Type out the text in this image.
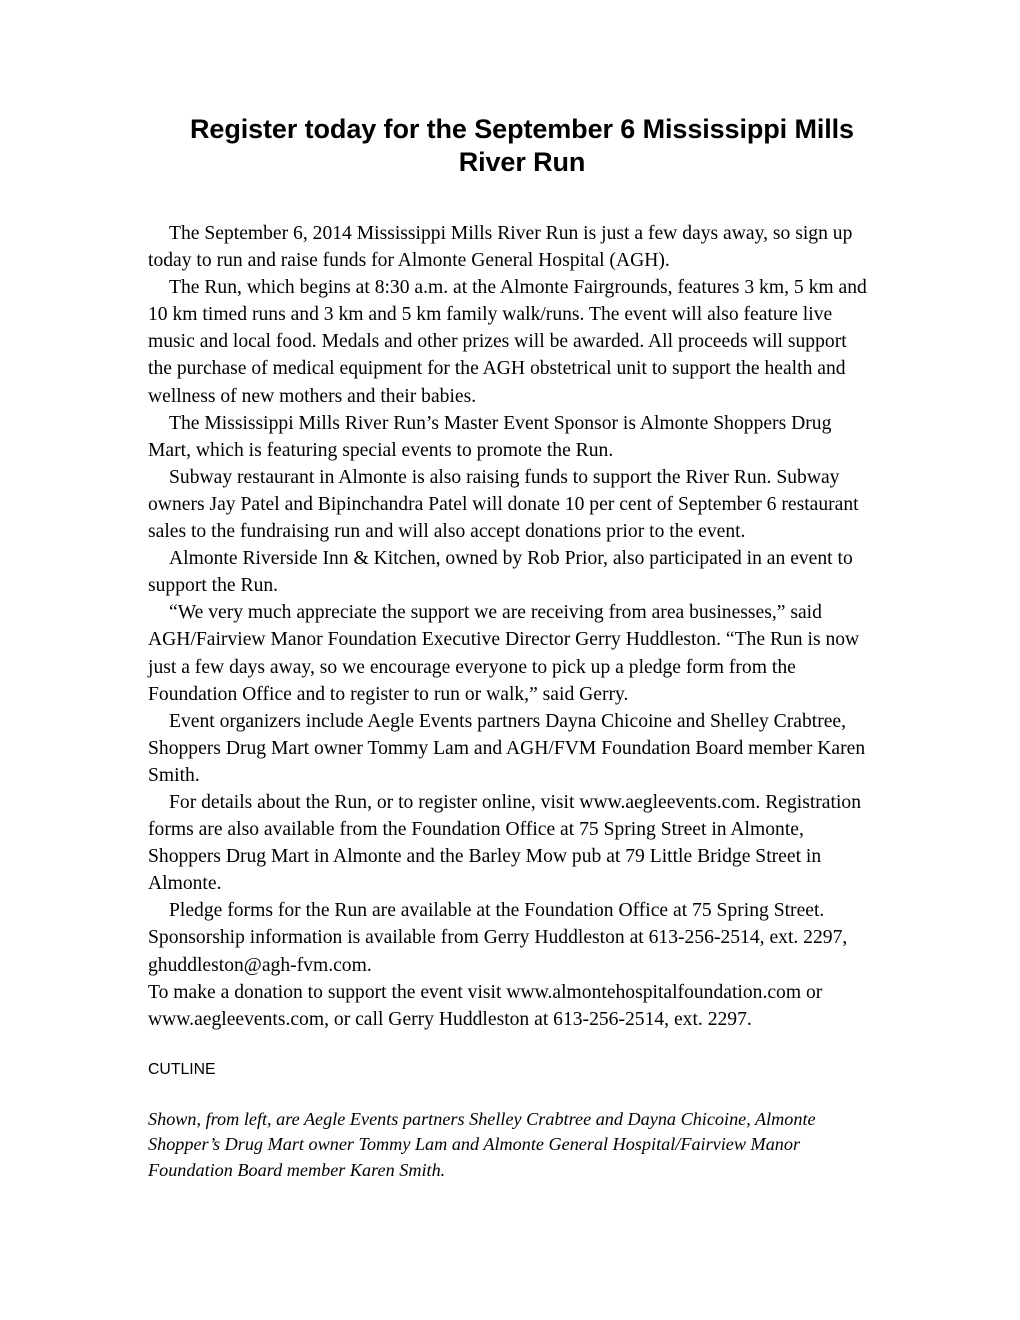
Register today for the September 6 Mississippi Mills River Run

The September 6, 2014 Mississippi Mills River Run is just a few days away, so sign up today to run and raise funds for Almonte General Hospital (AGH).

The Run, which begins at 8:30 a.m. at the Almonte Fairgrounds, features 3 km, 5 km and 10 km timed runs and 3 km and 5 km family walk/runs. The event will also feature live music and local food. Medals and other prizes will be awarded. All proceeds will support the purchase of medical equipment for the AGH obstetrical unit to support the health and wellness of new mothers and their babies.

The Mississippi Mills River Run’s Master Event Sponsor is Almonte Shoppers Drug Mart, which is featuring special events to promote the Run.

Subway restaurant in Almonte is also raising funds to support the River Run. Subway owners Jay Patel and Bipinchandra Patel will donate 10 per cent of September 6 restaurant sales to the fundraising run and will also accept donations prior to the event.

Almonte Riverside Inn & Kitchen, owned by Rob Prior, also participated in an event to support the Run.

“We very much appreciate the support we are receiving from area businesses,” said AGH/Fairview Manor Foundation Executive Director Gerry Huddleston. “The Run is now just a few days away, so we encourage everyone to pick up a pledge form from the Foundation Office and to register to run or walk,” said Gerry.

Event organizers include Aegle Events partners Dayna Chicoine and Shelley Crabtree, Shoppers Drug Mart owner Tommy Lam and AGH/FVM Foundation Board member Karen Smith.

For details about the Run, or to register online, visit www.aegleevents.com. Registration forms are also available from the Foundation Office at 75 Spring Street in Almonte, Shoppers Drug Mart in Almonte and the Barley Mow pub at 79 Little Bridge Street in Almonte.

Pledge forms for the Run are available at the Foundation Office at 75 Spring Street. Sponsorship information is available from Gerry Huddleston at 613-256-2514, ext. 2297, ghuddleston@agh-fvm.com.

To make a donation to support the event visit www.almontehospitalfoundation.com or www.aegleevents.com, or call Gerry Huddleston at 613-256-2514, ext. 2297.

CUTLINE

Shown, from left, are Aegle Events partners Shelley Crabtree and Dayna Chicoine, Almonte Shopper’s Drug Mart owner Tommy Lam and Almonte General Hospital/Fairview Manor Foundation Board member Karen Smith.
